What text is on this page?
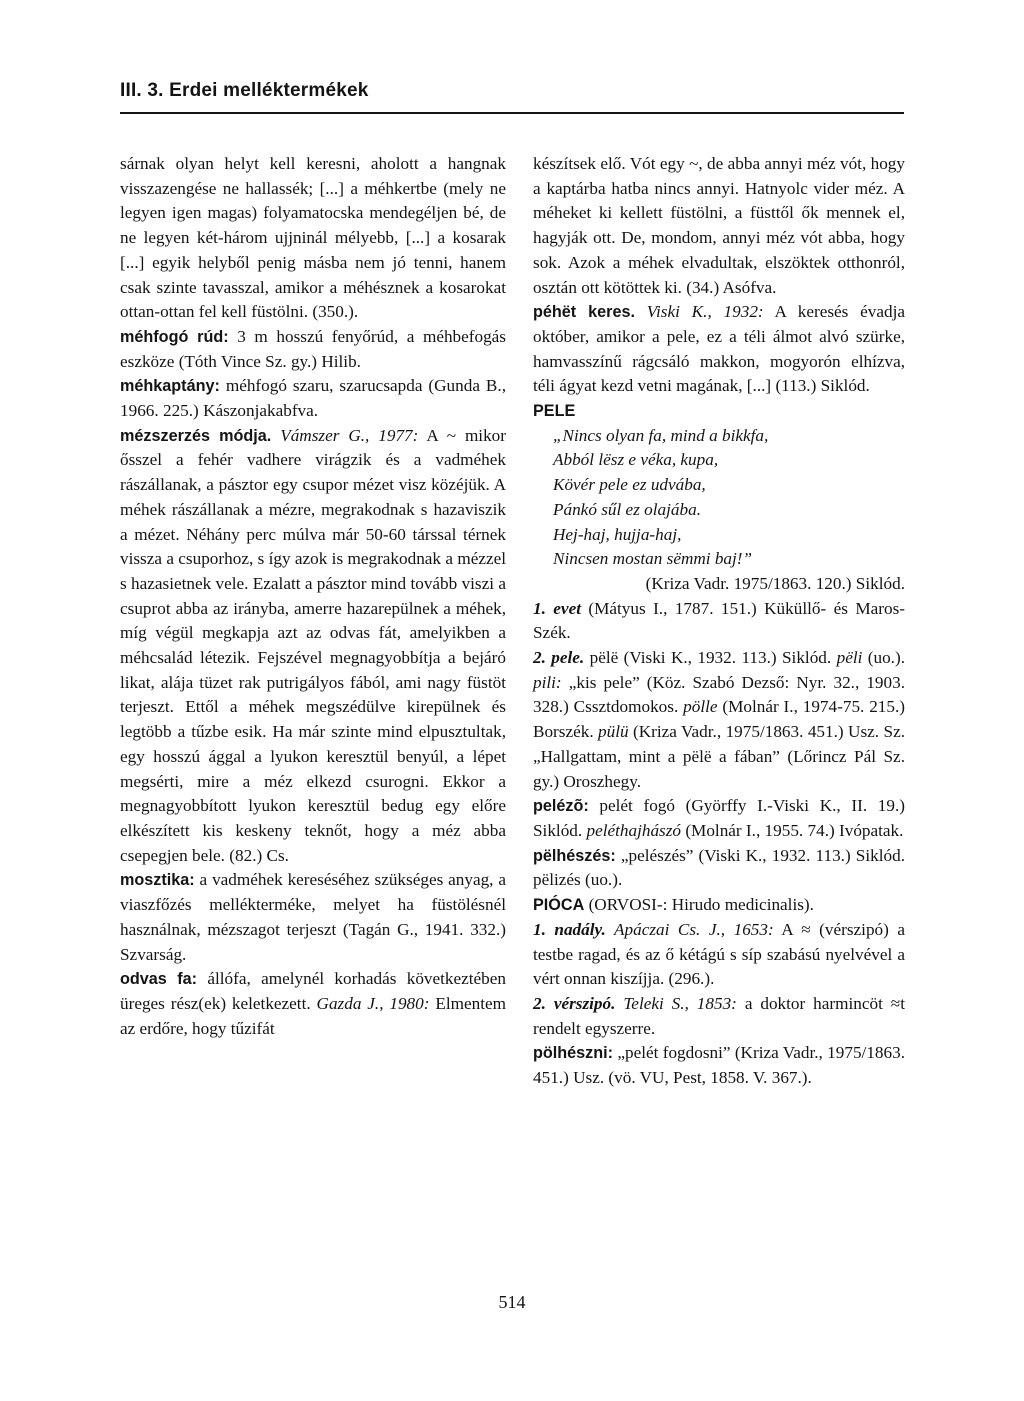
III. 3. Erdei melléktermékek

sárnak olyan helyt kell keresni, aholott a hangnak visszazengése ne hallassék; [...] a méhkertbe (mely ne legyen igen magas) folyamatocska mendegéljen bé, de ne legyen két-három ujjninál mélyebb, [...] a kosarak [...] egyik helyből penig másba nem jó tenni, hanem csak szinte tavasszal, amikor a méhésznek a kosarokat ottan-ottan fel kell füstölni. (350.).

méhfogó rúd: 3 m hosszú fenyőrúd, a méhbefogás eszköze (Tóth Vince Sz. gy.) Hilib.

méhkaptány: méhfogó szaru, szarucsapda (Gunda B., 1966. 225.) Kászonjakabfva.

mézszerzés módja. Vámszer G., 1977: A ~ mikor ősszel a fehér vadhere virágzik és a vadméhek rászállanak, a pásztor egy csupor mézet visz közéjük. A méhek rászállanak a mézre, megrakodnak s hazaviszik a mézet. Néhány perc múlva már 50-60 társsal térnek vissza a csuporhoz, s így azok is megrakodnak a mézzel s hazasietnek vele. Ezalatt a pásztor mind tovább viszi a csuprot abba az irányba, amerre hazarepülnek a méhek, míg végül megkapja azt az odvas fát, amelyikben a méhcsalád létezik. Fejszével megnagyobbítja a bejáró likat, alája tüzet rak putrigályos fából, ami nagy füstöt terjeszt. Ettől a méhek megszédülve kirepülnek és legtöbb a tűzbe esik. Ha már szinte mind elpusztultak, egy hosszú ággal a lyukon keresztül benyúl, a lépet megsérti, mire a méz elkezd csurogni. Ekkor a megnagyobbított lyukon keresztül bedug egy előre elkészített kis keskeny teknőt, hogy a méz abba csepegjen bele. (82.) Cs.

mosztika: a vadméhek kereséséhez szükséges anyag, a viaszfőzés mellékterméke, melyet ha füstölésnél használnak, mézszagot terjeszt (Tagán G., 1941. 332.) Szvarság.

odvas fa: állófa, amelynél korhadás következtében üreges rész(ek) keletkezett. Gazda J., 1980: Elmentem az erdőre, hogy tűzifát

készítsek elő. Vót egy ~, de abba annyi méz vót, hogy a kaptárba hatba nincs annyi. Hatnyolc vider méz. A méheket ki kellett füstölni, a füsttől ők mennek el, hagyják ott. De, mondom, annyi méz vót abba, hogy sok. Azok a méhek elvadultak, elszöktek otthonról, osztán ott kötöttek ki. (34.) Asófva.

péhët keres. Viski K., 1932: A keresés évadja október, amikor a pele, ez a téli álmot alvó szürke, hamvasszínű rágcsáló makkon, mogyorón elhízva, téli ágyat kezd vetni magának, [...] (113.) Siklód.

PELE

„Nincs olyan fa, mind a bikkfa,

Abból lësz e véka, kupa,

Kövér pele ez udvába,

Pánkó sűl ez olajába.

Hej-haj, hujja-haj,

Nincsen mostan sëmmi baj!”

(Kriza Vadr. 1975/1863. 120.) Siklód.

1. evet (Mátyus I., 1787. 151.) Küküllő- és Maros-Szék.

2. pele. pëlë (Viski K., 1932. 113.) Siklód. pëli (uo.). pili: „kis pele” (Köz. Szabó Dezső: Nyr. 32., 1903. 328.) Cssztdomokos. pölle (Molnár I., 1974-75. 215.) Borszék. pülü (Kriza Vadr., 1975/1863. 451.) Usz. Sz. „Hallgattam, mint a pëlë a fában” (Lőrincz Pál Sz. gy.) Oroszhegy.

pelézõ: pelét fogó (Györffy I.-Viski K., II. 19.) Siklód. peléthajhászó (Molnár I., 1955. 74.) Ivópatak.

pëlhészés: „pelészés” (Viski K., 1932. 113.) Siklód. pëlizés (uo.).

PIÓCA (ORVOSI-: Hirudo medicinalis).

1. nadály. Apáczai Cs. J., 1653: A ≈ (vérszipó) a testbe ragad, és az ő kétágú s síp szabású nyelvével a vért onnan kiszíjja. (296.).

2. vérszipó. Teleki S., 1853: a doktor harmincöt ≈t rendelt egyszerre.

pölhészni: „pelét fogdosni” (Kriza Vadr., 1975/1863. 451.) Usz. (vö. VU, Pest, 1858. V. 367.).

514
